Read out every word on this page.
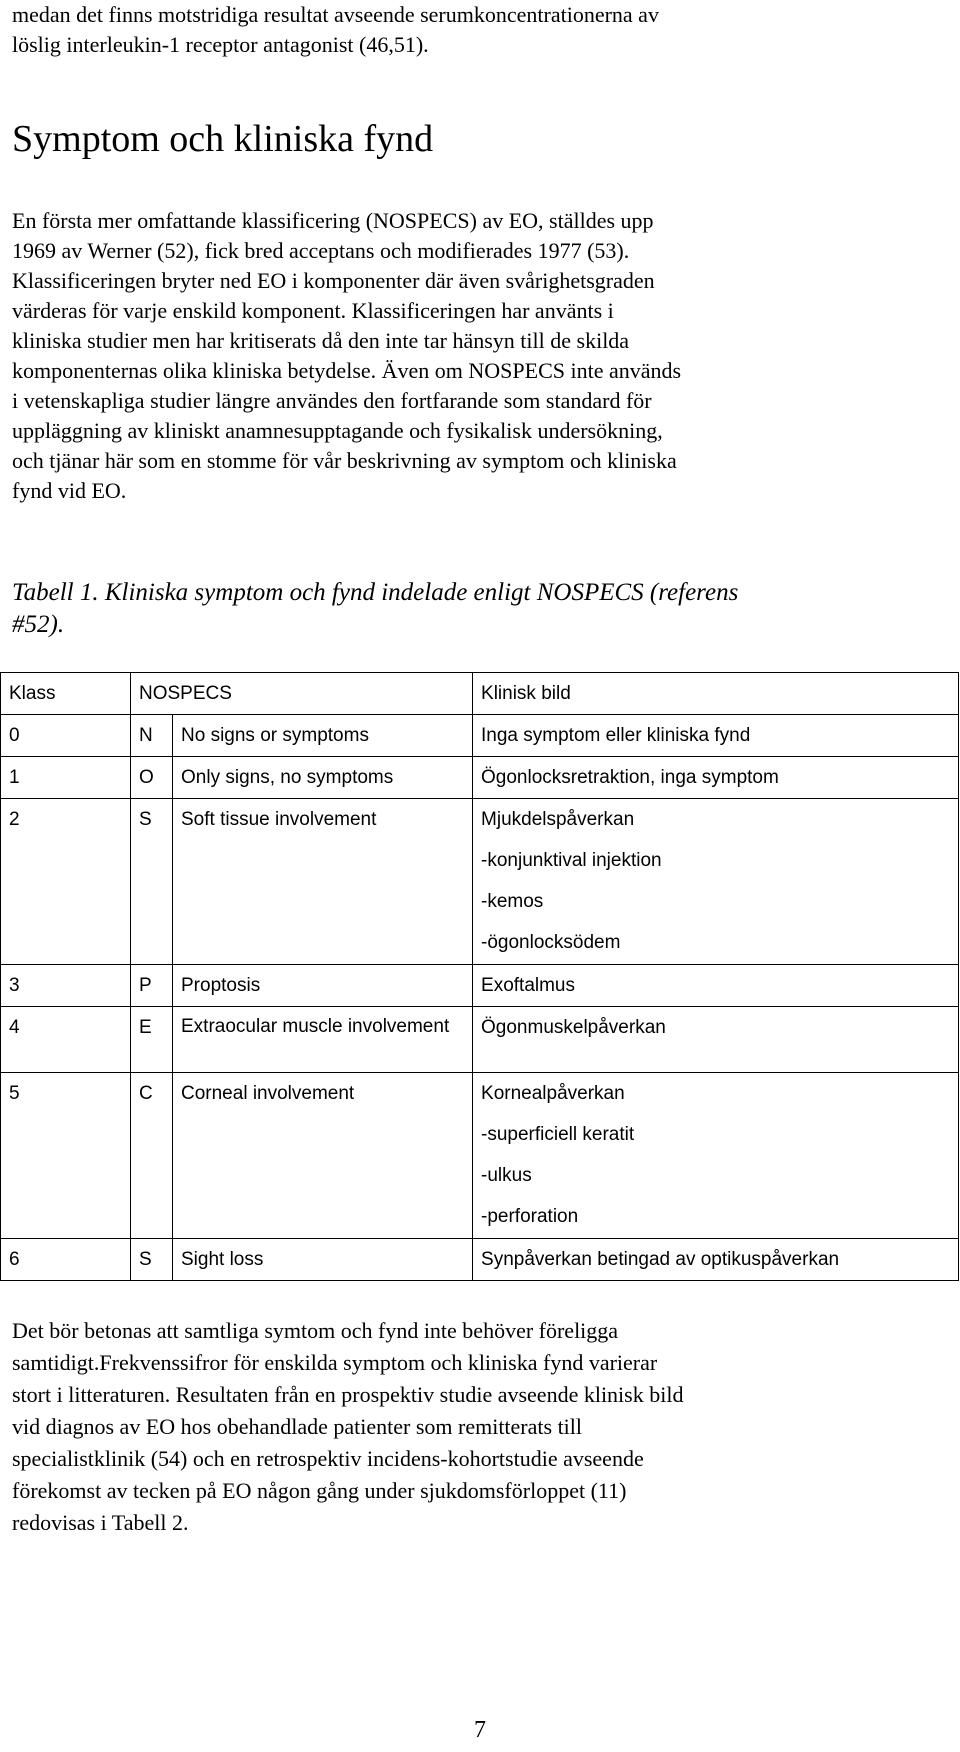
medan det finns motstridiga resultat avseende serumkoncentrationerna av
löslig interleukin-1 receptor antagonist (46,51).
Symptom och kliniska fynd
En första mer omfattande klassificering (NOSPECS) av EO, ställdes upp
1969 av Werner (52), fick bred acceptans och modifierades 1977 (53).
Klassificeringen bryter ned EO i komponenter där även svårighetsgraden
värderas för varje enskild komponent. Klassificeringen har använts i
kliniska studier men har kritiserats då den inte tar hänsyn till de skilda
komponenternas olika kliniska betydelse. Även om NOSPECS inte används
i vetenskapliga studier längre användes den fortfarande som standard för
uppläggning av kliniskt anamnesupptagande och fysikalisk undersökning,
och tjänar här som en stomme för vår beskrivning av symptom och kliniska
fynd vid EO.
Tabell 1. Kliniska symptom och fynd indelade enligt NOSPECS (referens
#52).
Klass	NOSPECS		Klinisk bild
0	N	No signs or symptoms	Inga symptom eller kliniska fynd
1	O	Only signs, no symptoms	Ögonlocksretraktion, inga symptom
2	S	Soft tissue involvement	Mjukdelspåverkan
-konjunktival injektion
-kemos
-ögonlocksödem

3	P	Proptosis	Exoftalmus
4	E	Extraocular muscle involvement	Ögonmuskelpåverkan
5	C	Corneal involvement	Kornealpåverkan
-superficiell keratit
-ulkus
-perforation

6	S	Sight loss	Synpåverkan betingad av optikuspåverkan
Det bör betonas att samtliga symtom och fynd inte behöver föreligga
samtidigt.Frekvenssifror för enskilda symptom och kliniska fynd varierar
stort i litteraturen. Resultaten från en prospektiv studie avseende klinisk bild
vid diagnos av EO hos obehandlade patienter som remitterats till
specialistklinik (54) och en retrospektiv incidens-kohortstudie avseende
förekomst av tecken på EO någon gång under sjukdomsförloppet (11)
redovisas i Tabell 2.
7
